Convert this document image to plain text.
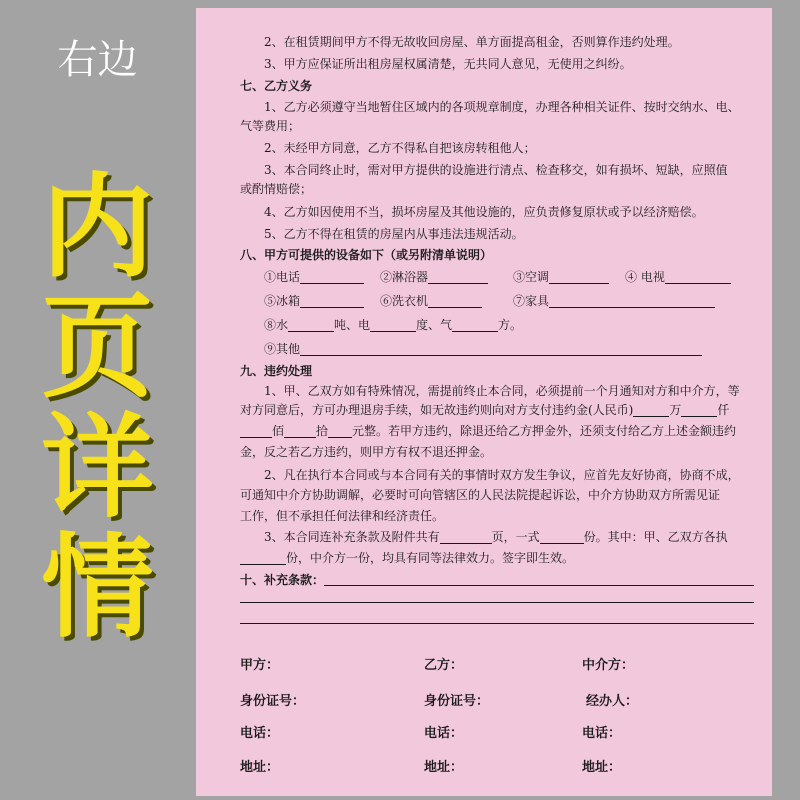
右边
内
页
详
情
2、在租赁期间甲方不得无故收回房屋、单方面提高租金，否则算作违约处理。
3、甲方应保证所出租房屋权属清楚，无共同人意见，无使用之纠纷。
七、乙方义务
1、乙方必须遵守当地暂住区域内的各项规章制度，办理各种相关证件、按时交纳水、电、
气等费用；
2、未经甲方同意，乙方不得私自把该房转租他人；
3、本合同终止时，需对甲方提供的设施进行清点、检查移交，如有损坏、短缺，应照值
或酌情赔偿；
4、乙方如因使用不当，损坏房屋及其他设施的，应负责修复原状或予以经济赔偿。
5、乙方不得在租赁的房屋内从事违法违规活动。
八、甲方可提供的设备如下（或另附清单说明）
①电话	②淋浴器	③空调	④ 电视
⑤冰箱	⑥洗衣机	⑦家具
⑧水	吨、电	度、气	方。
⑨其他
九、违约处理
1、甲、乙双方如有特殊情况，需提前终止本合同，必须提前一个月通知对方和中介方，等
对方同意后，方可办理退房手续，如无故违约则向对方支付违约金(人民币)	万	仟
佰	拾 元整。若甲方违约，除退还给乙方押金外，还须支付给乙方上述金额违约
金，反之若乙方违约，则甲方有权不退还押金。
2、凡在执行本合同或与本合同有关的事情时双方发生争议，应首先友好协商，协商不成，
可通知中介方协助调解，必要时可向管辖区的人民法院提起诉讼，中介方协助双方所需见证
工作，但不承担任何法律和经济责任。
3、本合同连补充条款及附件共有	页，一式	份。其中：甲、乙双方各执
份，中介方一份，均具有同等法律效力。签字即生效。
十、补充条款：
甲方：	乙方：	中介方：
身份证号：	身份证号：	经办人：
电话：	电话：	电话：
地址：	地址：	地址：
